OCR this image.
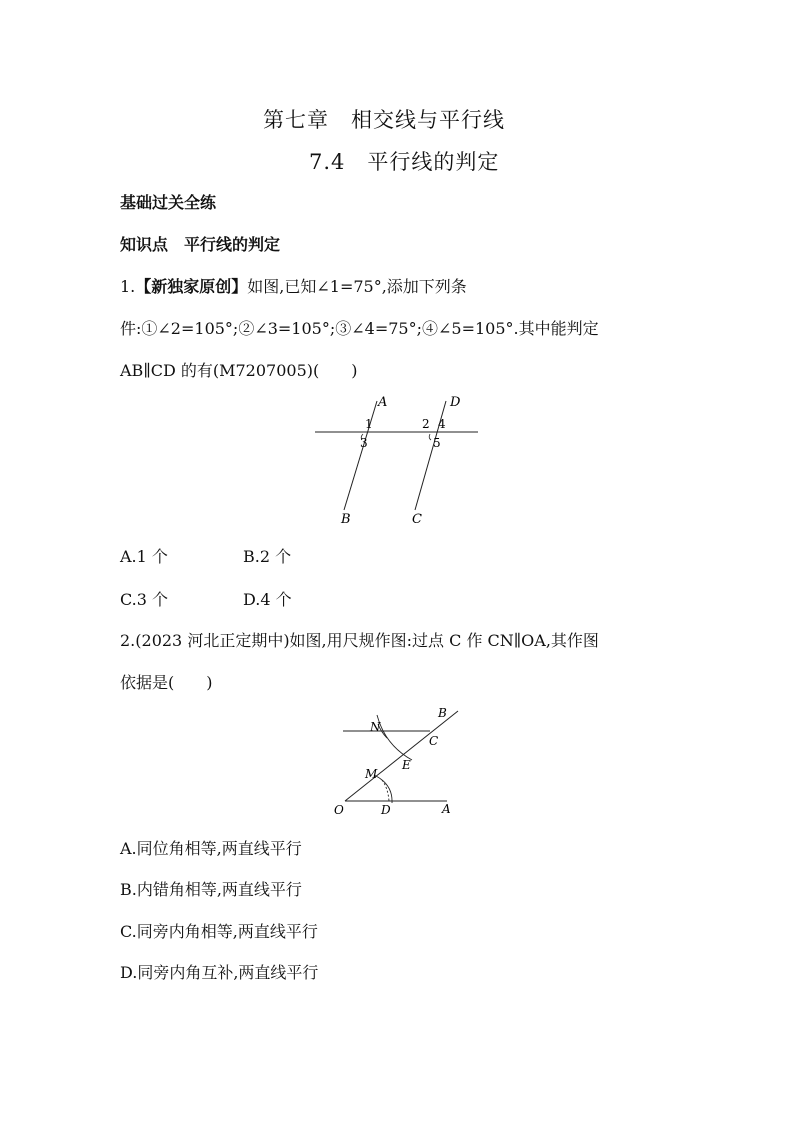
第七章　相交线与平行线
7.4　平行线的判定
基础过关全练
知识点　平行线的判定
1.【新独家原创】如图,已知∠1=75°,添加下列条
件:①∠2=105°;②∠3=105°;③∠4=75°;④∠5=105°.其中能判定
AB∥CD 的有(M7207005)(　　)
A	D
B	C
1
3
2 4
5
A.1 个	B.2 个
C.3 个	D.4 个
2.(2023 河北正定期中)如图,用尺规作图:过点 C 作 CN∥OA,其作图
依据是(　　)
N
B
C
M
E
O	D	A
A.同位角相等,两直线平行
B.内错角相等,两直线平行
C.同旁内角相等,两直线平行
D.同旁内角互补,两直线平行
